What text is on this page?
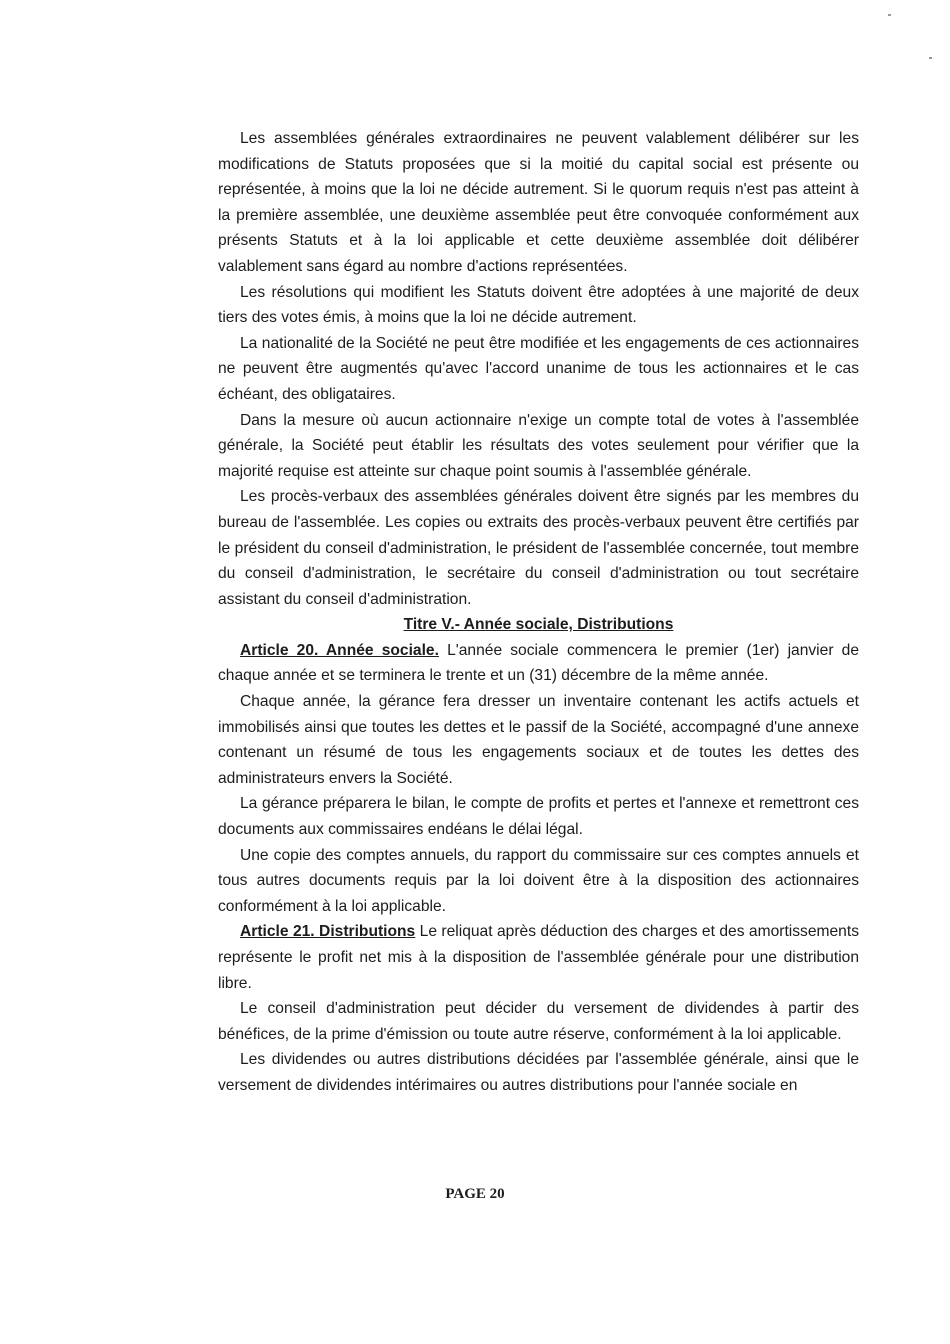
Les assemblées générales extraordinaires ne peuvent valablement délibérer sur les modifications de Statuts proposées que si la moitié du capital social est présente ou représentée, à moins que la loi ne décide autrement. Si le quorum requis n'est pas atteint à la première assemblée, une deuxième assemblée peut être convoquée conformément aux présents Statuts et à la loi applicable et cette deuxième assemblée doit délibérer valablement sans égard au nombre d'actions représentées.

Les résolutions qui modifient les Statuts doivent être adoptées à une majorité de deux tiers des votes émis, à moins que la loi ne décide autrement.

La nationalité de la Société ne peut être modifiée et les engagements de ces actionnaires ne peuvent être augmentés qu'avec l'accord unanime de tous les actionnaires et le cas échéant, des obligataires.

Dans la mesure où aucun actionnaire n'exige un compte total de votes à l'assemblée générale, la Société peut établir les résultats des votes seulement pour vérifier que la majorité requise est atteinte sur chaque point soumis à l'assemblée générale.

Les procès-verbaux des assemblées générales doivent être signés par les membres du bureau de l'assemblée. Les copies ou extraits des procès-verbaux peuvent être certifiés par le président du conseil d'administration, le président de l'assemblée concernée, tout membre du conseil d'administration, le secrétaire du conseil d'administration ou tout secrétaire assistant du conseil d'administration.

Titre V.- Année sociale, Distributions

Article 20. Année sociale. L'année sociale commencera le premier (1er) janvier de chaque année et se terminera le trente et un (31) décembre de la même année.

Chaque année, la gérance fera dresser un inventaire contenant les actifs actuels et immobilisés ainsi que toutes les dettes et le passif de la Société, accompagné d'une annexe contenant un résumé de tous les engagements sociaux et de toutes les dettes des administrateurs envers la Société.

La gérance préparera le bilan, le compte de profits et pertes et l'annexe et remettront ces documents aux commissaires endéans le délai légal.

Une copie des comptes annuels, du rapport du commissaire sur ces comptes annuels et tous autres documents requis par la loi doivent être à la disposition des actionnaires conformément à la loi applicable.

Article 21. Distributions Le reliquat après déduction des charges et des amortissements représente le profit net mis à la disposition de l'assemblée générale pour une distribution libre.

Le conseil d'administration peut décider du versement de dividendes à partir des bénéfices, de la prime d'émission ou toute autre réserve, conformément à la loi applicable.

Les dividendes ou autres distributions décidées par l'assemblée générale, ainsi que le versement de dividendes intérimaires ou autres distributions pour l'année sociale en

PAGE 20
